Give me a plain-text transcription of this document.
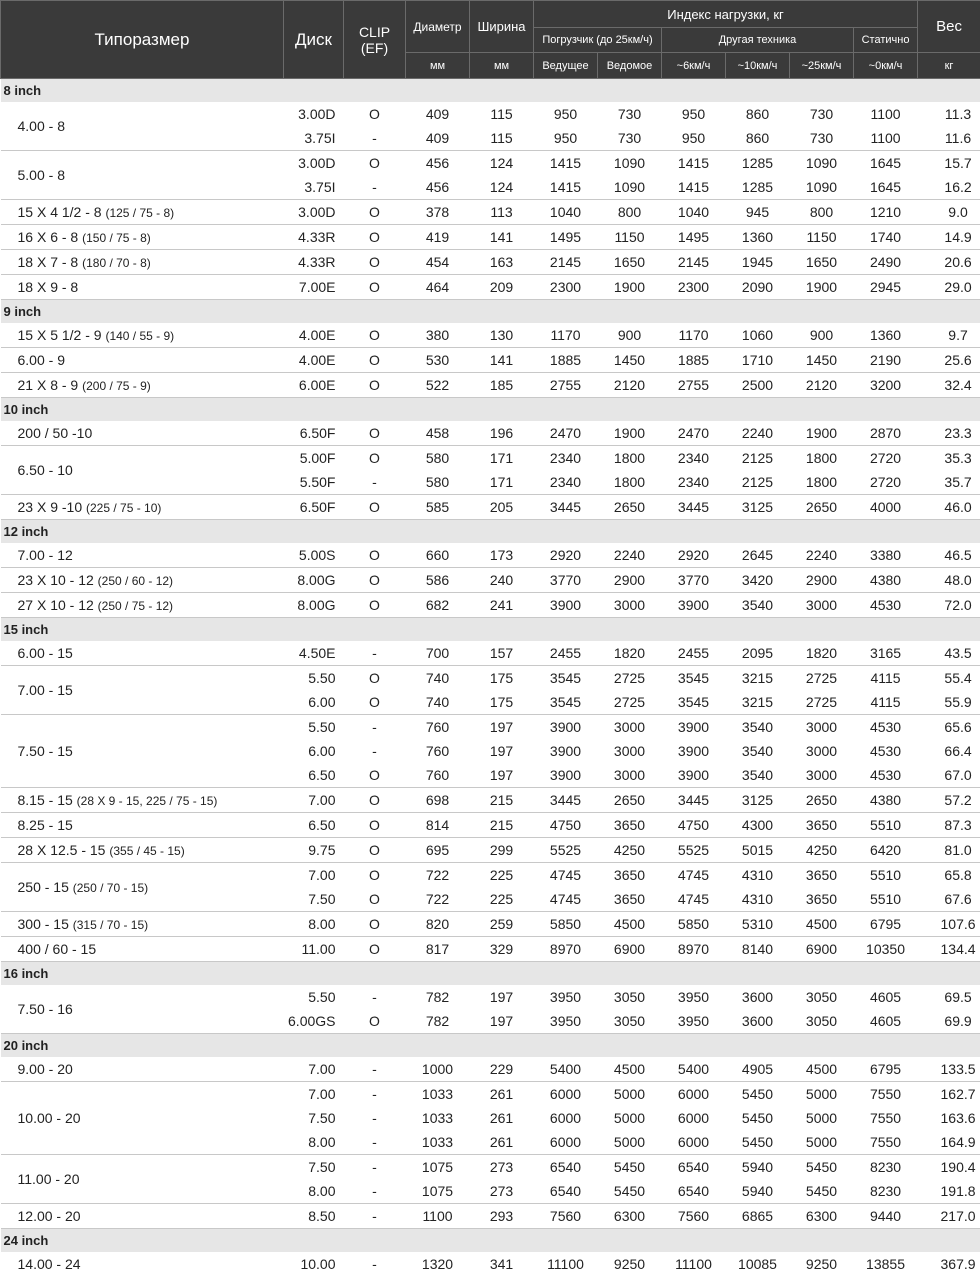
Типоразмер	Диск	CLIP (EF)	Диаметр	Ширина	Индекс нагрузки, кг						Вес
					Погрузчик (до 25км/ч)		Другая техника			Статично	
			мм	мм	Ведущее	Ведомое	~6км/ч	~10км/ч	~25км/ч	~0км/ч	кг
8 inch											
4.00 - 8	3.00D	O	409	115	950	730	950	860	730	1100	11.3
	3.75I	-	409	115	950	730	950	860	730	1100	11.6
5.00 - 8	3.00D	O	456	124	1415	1090	1415	1285	1090	1645	15.7
	3.75I	-	456	124	1415	1090	1415	1285	1090	1645	16.2
15 X 4 1/2 - 8 (125 / 75 - 8)	3.00D	O	378	113	1040	800	1040	945	800	1210	9.0
16 X 6 - 8 (150 / 75 - 8)	4.33R	O	419	141	1495	1150	1495	1360	1150	1740	14.9
18 X 7 - 8 (180 / 70 - 8)	4.33R	O	454	163	2145	1650	2145	1945	1650	2490	20.6
18 X 9 - 8	7.00E	O	464	209	2300	1900	2300	2090	1900	2945	29.0
9 inch											
15 X 5 1/2 - 9 (140 / 55 - 9)	4.00E	O	380	130	1170	900	1170	1060	900	1360	9.7
6.00 - 9	4.00E	O	530	141	1885	1450	1885	1710	1450	2190	25.6
21 X 8 - 9 (200 / 75 - 9)	6.00E	O	522	185	2755	2120	2755	2500	2120	3200	32.4
10 inch											
200 / 50 -10	6.50F	O	458	196	2470	1900	2470	2240	1900	2870	23.3
6.50 - 10	5.00F	O	580	171	2340	1800	2340	2125	1800	2720	35.3
	5.50F	-	580	171	2340	1800	2340	2125	1800	2720	35.7
23 X 9 -10 (225 / 75 - 10)	6.50F	O	585	205	3445	2650	3445	3125	2650	4000	46.0
12 inch											
7.00 - 12	5.00S	O	660	173	2920	2240	2920	2645	2240	3380	46.5
23 X 10 - 12 (250 / 60 - 12)	8.00G	O	586	240	3770	2900	3770	3420	2900	4380	48.0
27 X 10 - 12 (250 / 75 - 12)	8.00G	O	682	241	3900	3000	3900	3540	3000	4530	72.0
15 inch											
6.00 - 15	4.50E	-	700	157	2455	1820	2455	2095	1820	3165	43.5
7.00 - 15	5.50	O	740	175	3545	2725	3545	3215	2725	4115	55.4
	6.00	O	740	175	3545	2725	3545	3215	2725	4115	55.9
7.50 - 15	5.50	-	760	197	3900	3000	3900	3540	3000	4530	65.6
	6.00	-	760	197	3900	3000	3900	3540	3000	4530	66.4
	6.50	O	760	197	3900	3000	3900	3540	3000	4530	67.0
8.15 - 15 (28 X 9 - 15, 225 / 75 - 15)	7.00	O	698	215	3445	2650	3445	3125	2650	4380	57.2
8.25 - 15	6.50	O	814	215	4750	3650	4750	4300	3650	5510	87.3
28 X 12.5 - 15 (355 / 45 - 15)	9.75	O	695	299	5525	4250	5525	5015	4250	6420	81.0
250 - 15 (250 / 70 - 15)	7.00	O	722	225	4745	3650	4745	4310	3650	5510	65.8
	7.50	O	722	225	4745	3650	4745	4310	3650	5510	67.6
300 - 15 (315 / 70 - 15)	8.00	O	820	259	5850	4500	5850	5310	4500	6795	107.6
400 / 60 - 15	11.00	O	817	329	8970	6900	8970	8140	6900	10350	134.4
16 inch											
7.50 - 16	5.50	-	782	197	3950	3050	3950	3600	3050	4605	69.5
	6.00GS	O	782	197	3950	3050	3950	3600	3050	4605	69.9
20 inch											
9.00 - 20	7.00	-	1000	229	5400	4500	5400	4905	4500	6795	133.5
10.00 - 20	7.00	-	1033	261	6000	5000	6000	5450	5000	7550	162.7
	7.50	-	1033	261	6000	5000	6000	5450	5000	7550	163.6
	8.00	-	1033	261	6000	5000	6000	5450	5000	7550	164.9
11.00 - 20	7.50	-	1075	273	6540	5450	6540	5940	5450	8230	190.4
	8.00	-	1075	273	6540	5450	6540	5940	5450	8230	191.8
12.00 - 20	8.50	-	1100	293	7560	6300	7560	6865	6300	9440	217.0
24 inch											
14.00 - 24	10.00	-	1320	341	11100	9250	11100	10085	9250	13855	367.9
